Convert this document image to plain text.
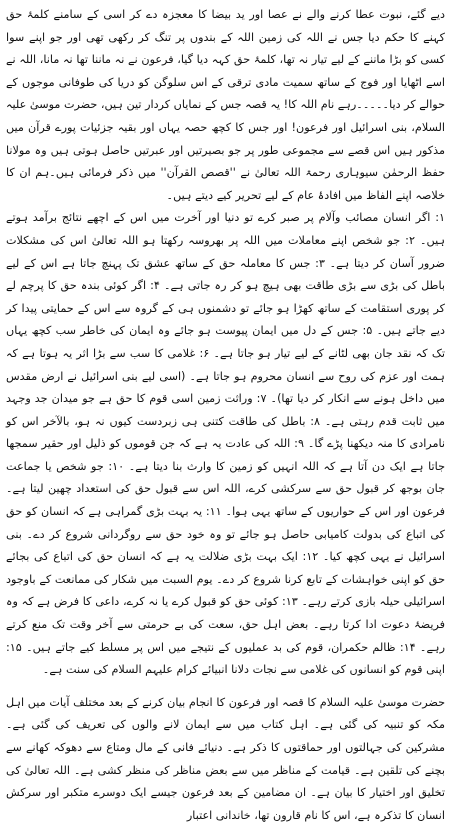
دیے گئے، نبوت عطا کرنے والے نے عصا اور ید بیضا کا معجزہ دے کر اسی کے سامنے کلمۂ حق کہنے کا حکم دیا جس نے اللہ کی زمین اللہ کے بندوں پر تنگ کر رکھی تھی اور جو اپنے سوا کسی کو بڑا ماننے کے لیے تیار نہ تھا، کلمۂ حق کہہ دیا گیا، فرعون نے نہ ماننا تھا نہ مانا، اللہ نے اسے اٹھایا اور فوج کے ساتھ سمیت مادی ترقی کے اس سلوگن کو دریا کی طوفانی موجوں کے حوالے کر دیا۔۔۔۔۔رہے نام اللہ کا! یہ قصہ جس کے نمایاں کردار تین ہیں، حضرت موسیٰ علیہ السلام، بنی اسرائیل اور فرعون! اور جس کا کچھ حصہ یہاں اور بقیہ جزئیات پورے قرآن میں مذکور ہیں اس قصے سے مجموعی طور پر جو بصیرتیں اور عبرتیں حاصل ہوتی ہیں وہ مولانا حفظ الرحمٰن سیوہاری رحمۃ اللہ تعالیٰ نے ''قصص القرآن'' میں ذکر فرمائی ہیں۔ہم ان کا خلاصہ اپنے الفاظ میں افادۂ عام کے لیے تحریر کیے دیتے ہیں۔

۱: اگر انسان مصائب وآلام پر صبر کرے تو دنیا اور آخرت میں اس کے اچھے نتائج برآمد ہوتے ہیں۔ ۲: جو شخص اپنے معاملات میں اللہ پر بھروسہ رکھتا ہو اللہ تعالیٰ اس کی مشکلات ضرور آسان کر دیتا ہے۔ ۳: جس کا معاملہ حق کے ساتھ عشق تک پہنچ جاتا ہے اس کے لیے باطل کی بڑی سے بڑی طاقت بھی ہیچ ہو کر رہ جاتی ہے۔ ۴: اگر کوئی بندہ حق کا پرچم لے کر پوری استقامت کے ساتھ کھڑا ہو جائے تو دشمنوں ہی کے گروہ سے اس کے حمایتی پیدا کر دیے جاتے ہیں۔ ۵: جس کے دل میں ایمان پیوست ہو جائے وہ ایمان کی خاطر سب کچھ یہاں تک کہ نقد جان بھی لٹانے کے لیے تیار ہو جاتا ہے۔ ۶: غلامی کا سب سے بڑا اثر یہ ہوتا ہے کہ ہمت اور عزم کی روح سے انسان محروم ہو جاتا ہے۔ (اسی لیے بنی اسرائیل نے ارض مقدس میں داخل ہونے سے انکار کر دیا تھا)۔ ۷: وراثت زمین اسی قوم کا حق ہے جو میدان جد وجہد میں ثابت قدم رہتی ہے۔ ۸: باطل کی طاقت کتنی ہی زبردست کیوں نہ ہو، بالآخر اس کو نامرادی کا منہ دیکھنا پڑے گا۔ ۹: اللہ کی عادت یہ ہے کہ جن قوموں کو ذلیل اور حقیر سمجھا جاتا ہے ایک دن آتا ہے کہ اللہ انہیں کو زمین کا وارث بنا دیتا ہے۔ ۱۰: جو شخص یا جماعت جان بوجھ کر قبول حق سے سرکشی کرے، اللہ اس سے قبول حق کی استعداد چھین لیتا ہے۔ فرعون اور اس کے حواریوں کے ساتھ یہی ہوا۔ ۱۱: یہ بہت بڑی گمراہی ہے کہ انسان کو حق کی اتباع کی بدولت کامیابی حاصل ہو جائے تو وہ خود حق سے روگردانی شروع کر دے۔ بنی اسرائیل نے یہی کچھ کیا۔ ۱۲: ایک بہت بڑی ضلالت یہ ہے کہ انسان حق کی اتباع کی بجائے حق کو اپنی خواہشات کے تابع کرنا شروع کر دے۔ یوم السبت میں شکار کی ممانعت کے باوجود اسرائیلی حیلہ بازی کرتے رہے۔ ۱۳: کوئی حق کو قبول کرے یا نہ کرے، داعی کا فرض ہے کہ وہ فریضۂ دعوت ادا کرتا رہے۔ بعض اہل حق، سعت کی بے حرمتی سے آخر وقت تک منع کرتے رہے۔ ۱۴: ظالم حکمران، قوم کی بد عملیوں کے نتیجے میں اس پر مسلط کیے جاتے ہیں۔ ۱۵: اپنی قوم کو انسانوں کی غلامی سے نجات دلانا انبیائے کرام علیہم السلام کی سنت ہے۔

حضرت موسیٰ علیہ السلام کا قصہ اور فرعون کا انجام بیان کرنے کے بعد مختلف آیات میں اہل مکہ کو تنبیہ کی گئی ہے۔ اہل کتاب میں سے ایمان لانے والوں کی تعریف کی گئی ہے۔ مشرکین کی جہالتوں اور حماقتوں کا ذکر ہے۔ دنیائے فانی کے مال ومتاع سے دھوکہ کھانے سے بچنے کی تلقین ہے۔ قیامت کے مناظر میں سے بعض مناظر کی منظر کشی ہے۔ اللہ تعالیٰ کی تخلیق اور اختیار کا بیان ہے۔ ان مضامین کے بعد فرعون جیسے ایک دوسرے متکبر اور سرکش انسان کا تذکرہ ہے، اس کا نام قارون تھا، خاندانی اعتبار
